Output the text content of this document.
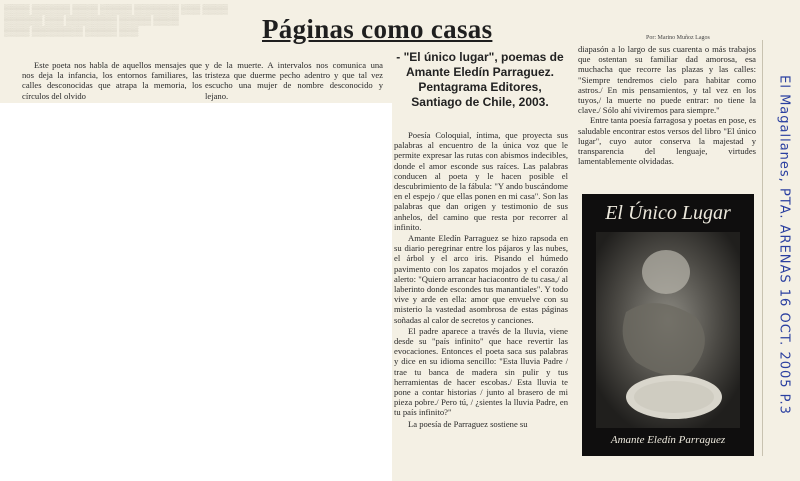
▒▒▒▒ ▒▒▒▒▒▒ ▒▒▒▒ ▒▒▒▒▒ ▒▒▒▒▒▒▒ ▒▒▒ ▒▒▒▒
▒▒▒▒▒▒ ▒▒▒ ▒▒▒▒▒▒▒▒ ▒▒▒▒▒ ▒▒▒▒
▒▒▒▒ ▒▒▒▒▒▒▒▒ ▒▒▒▒▒ ▒▒▒	Páginas como casas	Por: Marino Muñoz Lagos
Este poeta nos habla de aquellos mensajes que nos deja la infancia, los entornos familiares, las calles desconocidas que atrapa la memoria, los círculos del olvido
y de la muerte. A intervalos nos comunica una tristeza que duerme pecho adentro y que tal vez escucho una mujer de nombre desconocido y lejano.
- "El único lugar", poemas de Amante Eledín Parraguez. Pentagrama Editores, Santiago de Chile, 2003.

Poesía Coloquial, íntima, que proyecta sus palabras al encuentro de la única voz que le permite expresar las rutas con abismos indecibles, donde el amor esconde sus raíces. Las palabras conducen al poeta y le hacen posible el descubrimiento de la fábula: "Y ando buscándome en el espejo / que ellas ponen en mi casa". Son las palabras que dan origen y testimonio de sus anhelos, del camino que resta por recorrer al infinito.

Amante Eledín Parraguez se hizo rapsoda en su diario peregrinar entre los pájaros y las nubes, el árbol y el arco iris. Pisando el húmedo pavimento con los zapatos mojados y el corazón alerto: "Quiero arrancar haciacontro de tu casa,/ al laberinto donde escondes tus manantiales". Y todo vive y arde en ella: amor que envuelve con su misterio la vastedad asombrosa de estas páginas soñadas al calor de secretos y canciones.

El padre aparece a través de la lluvia, viene desde su "país infinito" que hace revertir las evocaciones. Entonces el poeta saca sus palabras y dice en su idioma sencillo: "Esta lluvia Padre / trae tu banca de madera sin pulir y tus herramientas de hacer escobas./ Esta lluvia te pone a contar historias / junto al brasero de mi pieza pobre./ Pero tú, / ¿sientes la lluvia Padre, en tu país infinito?"

La poesía de Parraguez sostiene su

diapasón a lo largo de sus cuarenta o más trabajos que ostentan su familiar dad amorosa, esa muchacha que recorre las plazas y las calles: "Siempre tendremos cielo para habitar como astros./ En mis pensamientos, y tal vez en los tuyos,/ la muerte no puede entrar: no tiene la clave./ Sólo ahí viviremos para siempre."

Entre tanta poesía farragosa y poetas en pose, es saludable encontrar estos versos del libro "El único lugar", cuyo autor conserva la majestad y transparencia del lenguaje, virtudes lamentablemente olvidadas.

El Único Lugar
Amante Eledín Parraguez
El Magallanes, PTA. ARENAS 16 OCT. 2005 P.3
